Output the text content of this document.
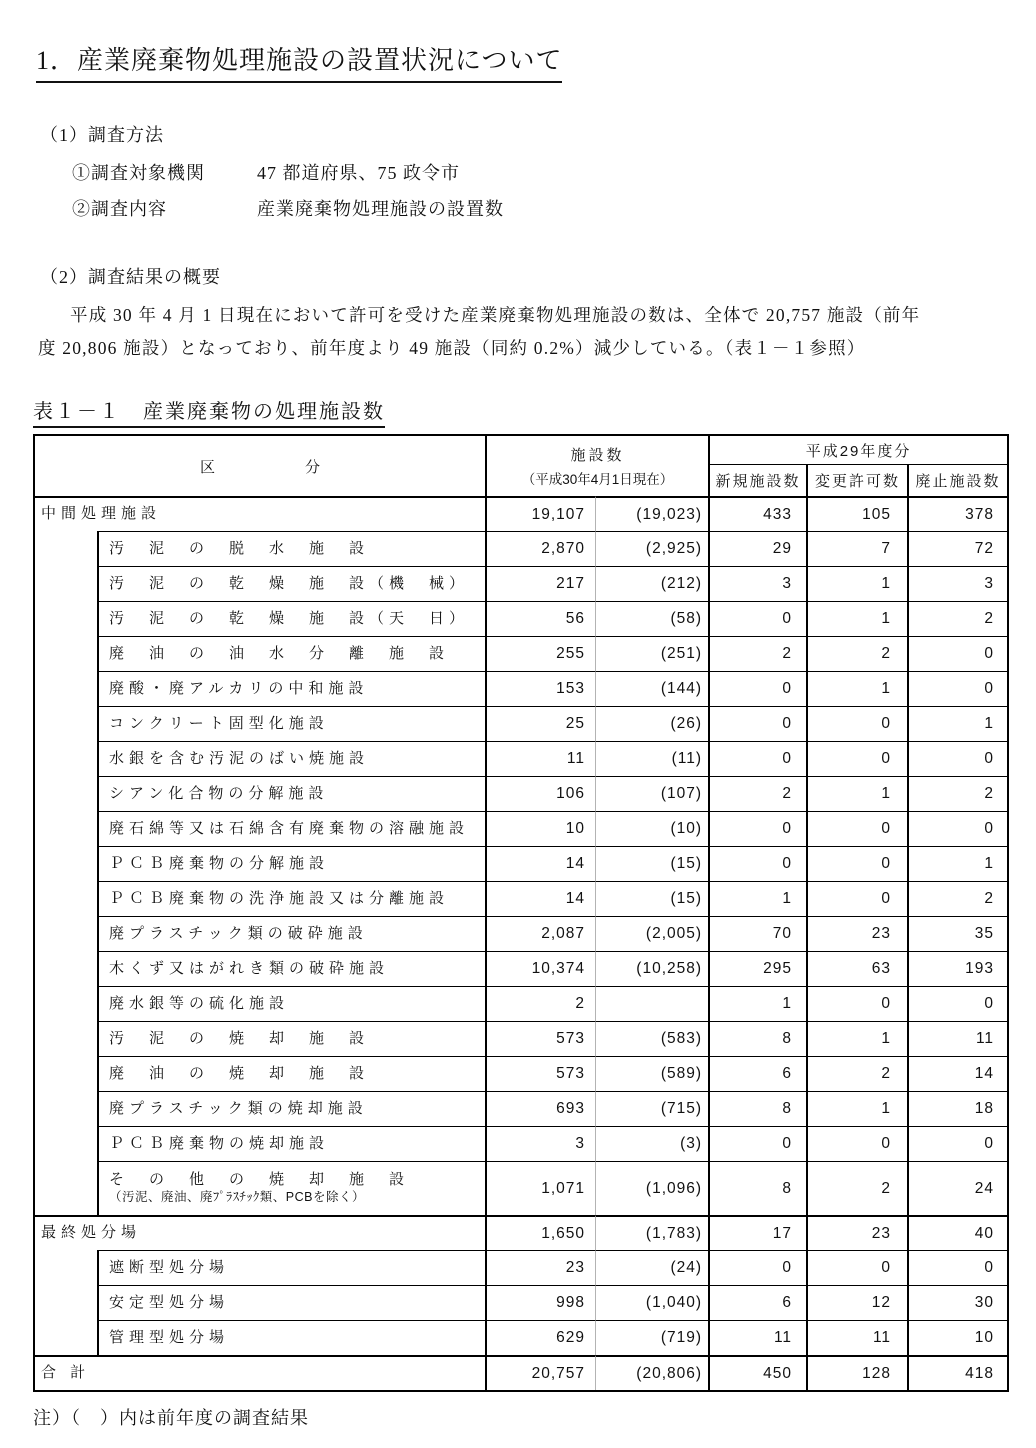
1．産業廃棄物処理施設の設置状況について
（1）調査方法
①調査対象機関	47 都道府県、75 政令市
②調査内容	産業廃棄物処理施設の設置数
（2）調査結果の概要
平成 30 年 4 月 1 日現在において許可を受けた産業廃棄物処理施設の数は、全体で 20,757 施設（前年
度 20,806 施設）となっており、前年度より 49 施設（同約 0.2%）減少している。（表１－１参照）
表１－１　産業廃棄物の処理施設数
区　　　　　　分		施設数
（平成30年4月1日現在）		平成29年度分		
				新規施設数	変更許可数	廃止施設数
中間処理施設		19,107	(19,023)	433	105	378
	汚　泥　の　脱　水　施　設	2,870	(2,925)	29	7	72
	汚　泥　の　乾　燥　施　設（機　械）	217	(212)	3	1	3
	汚　泥　の　乾　燥　施　設（天　日）	56	(58)	0	1	2
	廃　油　の　油　水　分　離　施　設	255	(251)	2	2	0
	廃酸・廃アルカリの中和施設	153	(144)	0	1	0
	コンクリート固型化施設	25	(26)	0	0	1
	水銀を含む汚泥のばい焼施設	11	(11)	0	0	0
	シアン化合物の分解施設	106	(107)	2	1	2
	廃石綿等又は石綿含有廃棄物の溶融施設	10	(10)	0	0	0
	ＰＣＢ廃棄物の分解施設	14	(15)	0	0	1
	ＰＣＢ廃棄物の洗浄施設又は分離施設	14	(15)	1	0	2
	廃プラスチック類の破砕施設	2,087	(2,005)	70	23	35
	木くず又はがれき類の破砕施設	10,374	(10,258)	295	63	193
	廃水銀等の硫化施設	2		1	0	0
	汚　泥　の　焼　却　施　設	573	(583)	8	1	11
	廃　油　の　焼　却　施　設	573	(589)	6	2	14
	廃プラスチック類の焼却施設	693	(715)	8	1	18
	ＰＣＢ廃棄物の焼却施設	3	(3)	0	0	0

	そ　の　他　の　焼　却　施　設
（汚泥、廃油、廃ﾌﾟﾗｽﾁｯｸ類、PCBを除く）	1,071	(1,096)	8	2	24
最終処分場		1,650	(1,783)	17	23	40
	遮断型処分場	23	(24)	0	0	0
	安定型処分場	998	(1,040)	6	12	30
	管理型処分場	629	(719)	11	11	10
合 計		20,757	(20,806)	450	128	418
注）（　）内は前年度の調査結果
